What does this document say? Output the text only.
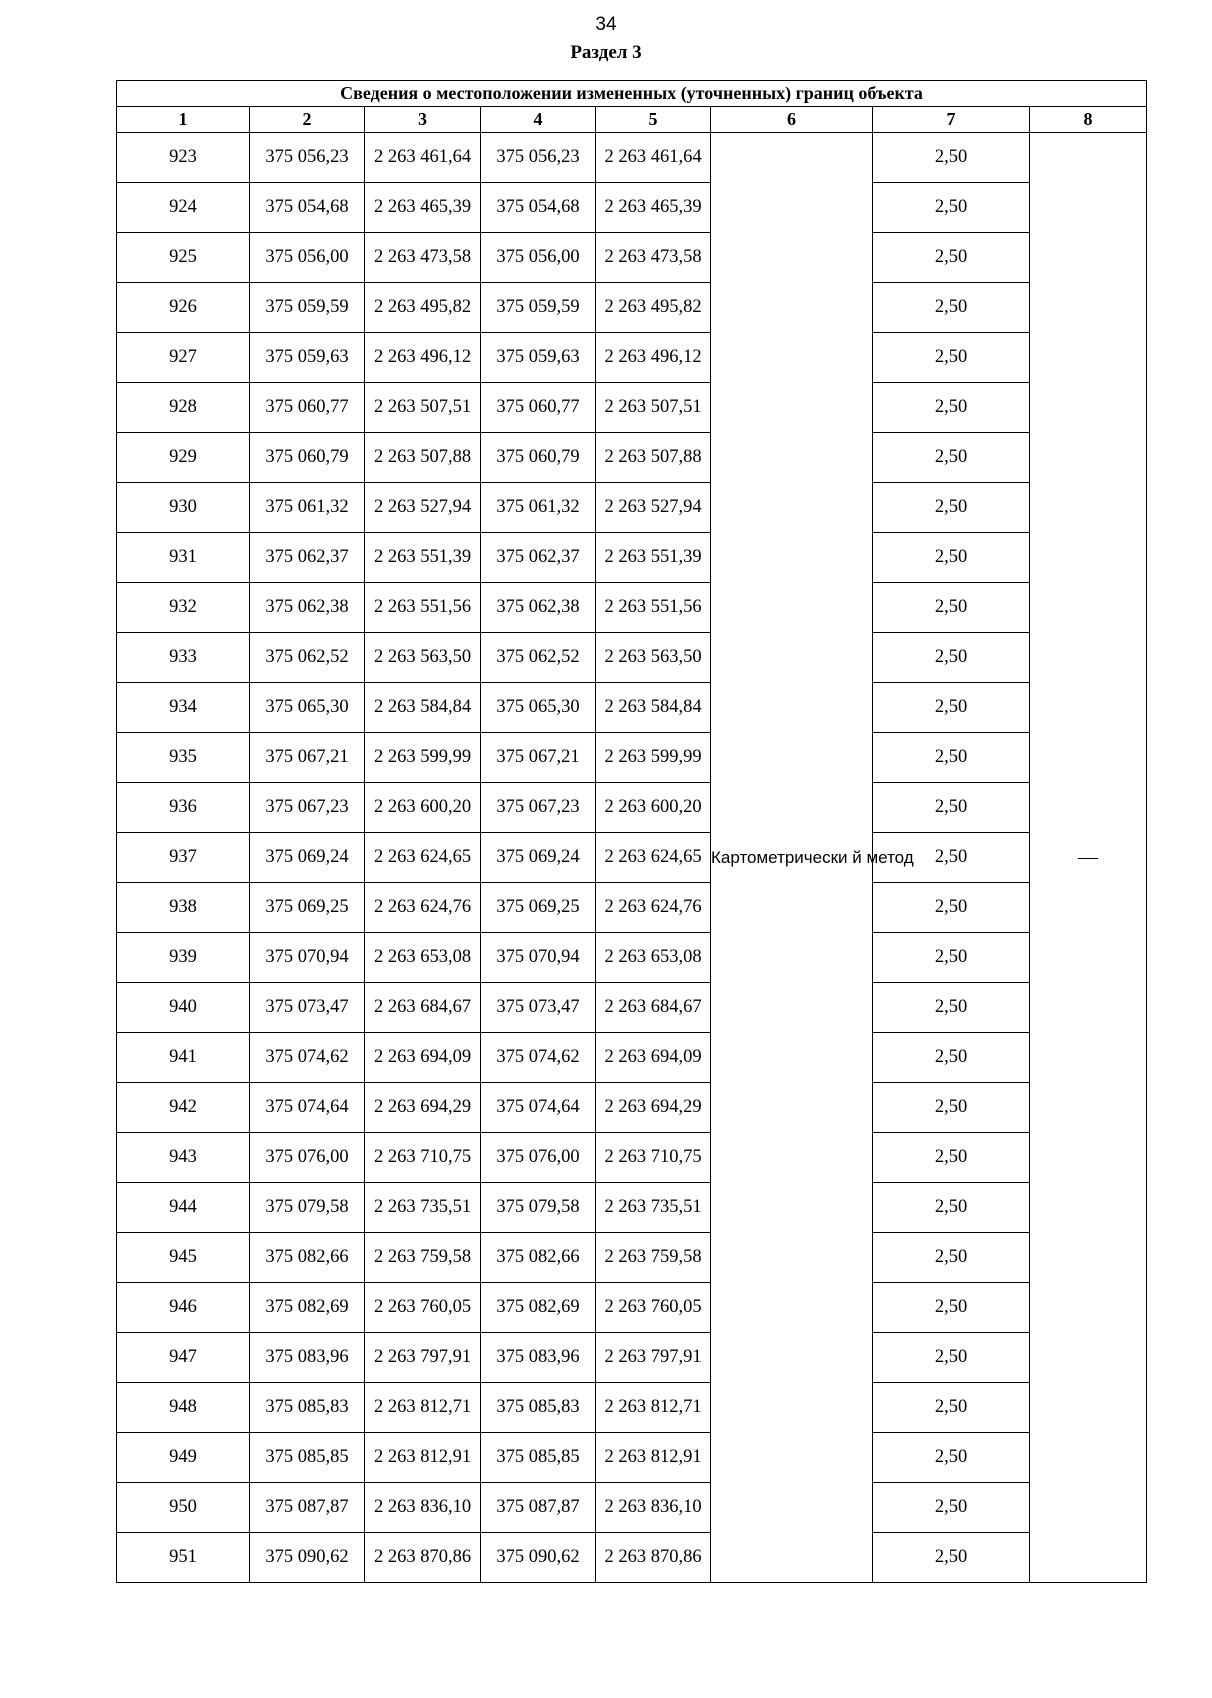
34
Раздел 3
Сведения о местоположении измененных (уточненных) границ объекта							
1	2	3	4	5	6	7	8
923	375 056,23	2 263 461,64	375 056,23	2 263 461,64	Картометрически й метод	2,50	—
924	375 054,68	2 263 465,39	375 054,68	2 263 465,39		2,50	
925	375 056,00	2 263 473,58	375 056,00	2 263 473,58		2,50	
926	375 059,59	2 263 495,82	375 059,59	2 263 495,82		2,50	
927	375 059,63	2 263 496,12	375 059,63	2 263 496,12		2,50	
928	375 060,77	2 263 507,51	375 060,77	2 263 507,51		2,50	
929	375 060,79	2 263 507,88	375 060,79	2 263 507,88		2,50	
930	375 061,32	2 263 527,94	375 061,32	2 263 527,94		2,50	
931	375 062,37	2 263 551,39	375 062,37	2 263 551,39		2,50	
932	375 062,38	2 263 551,56	375 062,38	2 263 551,56		2,50	
933	375 062,52	2 263 563,50	375 062,52	2 263 563,50		2,50	
934	375 065,30	2 263 584,84	375 065,30	2 263 584,84		2,50	
935	375 067,21	2 263 599,99	375 067,21	2 263 599,99		2,50	
936	375 067,23	2 263 600,20	375 067,23	2 263 600,20		2,50	
937	375 069,24	2 263 624,65	375 069,24	2 263 624,65		2,50	
938	375 069,25	2 263 624,76	375 069,25	2 263 624,76		2,50	
939	375 070,94	2 263 653,08	375 070,94	2 263 653,08		2,50	
940	375 073,47	2 263 684,67	375 073,47	2 263 684,67		2,50	
941	375 074,62	2 263 694,09	375 074,62	2 263 694,09		2,50	
942	375 074,64	2 263 694,29	375 074,64	2 263 694,29		2,50	
943	375 076,00	2 263 710,75	375 076,00	2 263 710,75		2,50	
944	375 079,58	2 263 735,51	375 079,58	2 263 735,51		2,50	
945	375 082,66	2 263 759,58	375 082,66	2 263 759,58		2,50	
946	375 082,69	2 263 760,05	375 082,69	2 263 760,05		2,50	
947	375 083,96	2 263 797,91	375 083,96	2 263 797,91		2,50	
948	375 085,83	2 263 812,71	375 085,83	2 263 812,71		2,50	
949	375 085,85	2 263 812,91	375 085,85	2 263 812,91		2,50	
950	375 087,87	2 263 836,10	375 087,87	2 263 836,10		2,50	
951	375 090,62	2 263 870,86	375 090,62	2 263 870,86		2,50	
